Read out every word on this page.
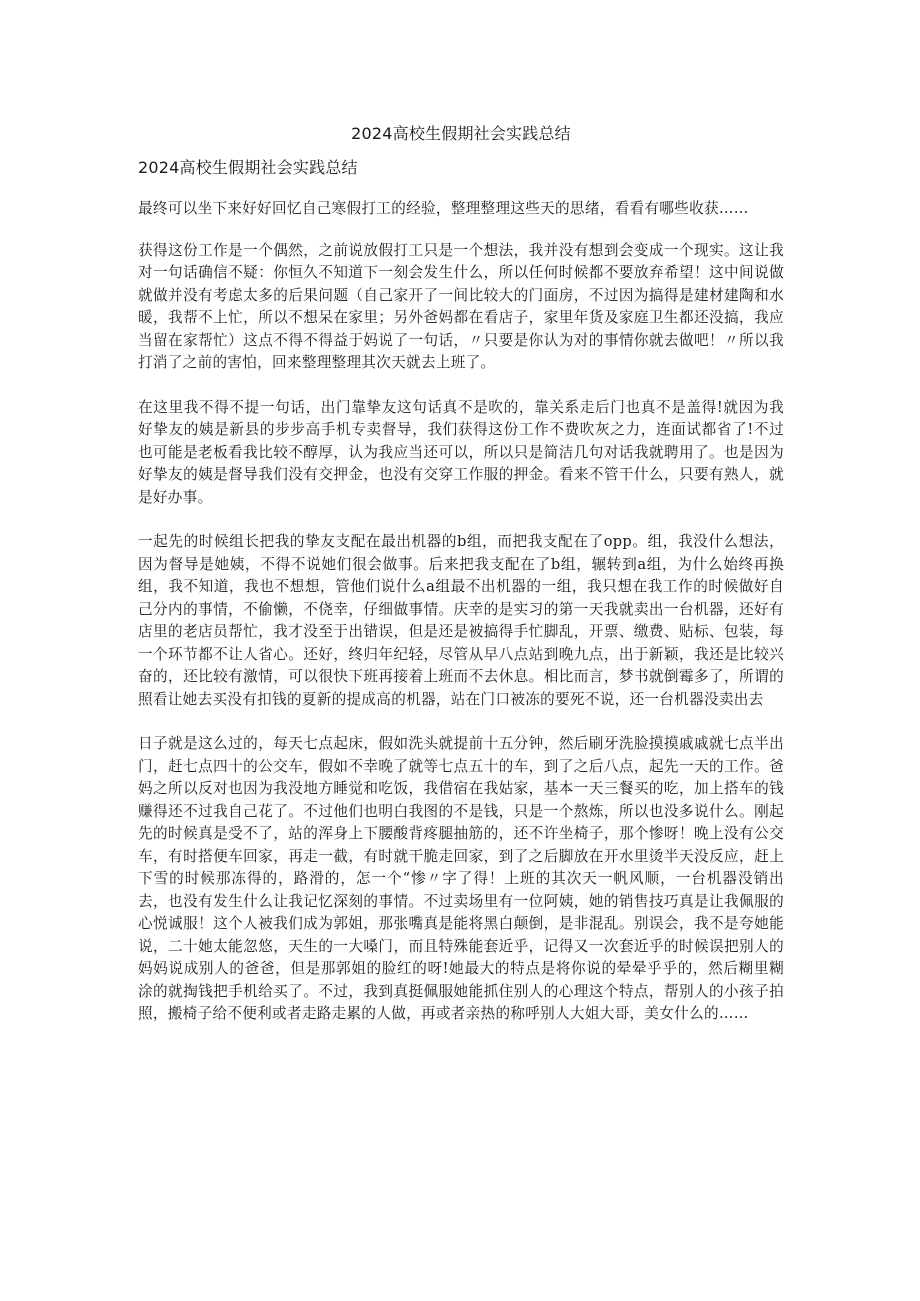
2024高校生假期社会实践总结
2024高校生假期社会实践总结

最终可以坐下来好好回忆自己寒假打工的经验，整理整理这些天的思绪，看看有哪些收获……

获得这份工作是一个偶然，之前说放假打工只是一个想法，我并没有想到会变成一个现实。这让我对一句话确信不疑：你恒久不知道下一刻会发生什么，所以任何时候都不要放弃希望！这中间说做就做并没有考虑太多的后果问题（自己家开了一间比较大的门面房，不过因为搞得是建材建陶和水暖，我帮不上忙，所以不想呆在家里；另外爸妈都在看店子，家里年货及家庭卫生都还没搞，我应当留在家帮忙）这点不得不得益于妈说了一句话，〃只要是你认为对的事情你就去做吧！〃所以我打消了之前的害怕，回来整理整理其次天就去上班了。

在这里我不得不提一句话，出门靠挚友这句话真不是吹的，靠关系走后门也真不是盖得!就因为我好挚友的姨是新县的步步高手机专卖督导，我们获得这份工作不费吹灰之力，连面试都省了!不过也可能是老板看我比较不醇厚，认为我应当还可以，所以只是简洁几句对话我就聘用了。也是因为好挚友的姨是督导我们没有交押金，也没有交穿工作服的押金。看来不管干什么，只要有熟人，就是好办事。

一起先的时候组长把我的挚友支配在最出机器的b组，而把我支配在了opp。组，我没什么想法，因为督导是她姨，不得不说她们很会做事。后来把我支配在了b组，辗转到a组，为什么始终再换组，我不知道，我也不想想，管他们说什么a组最不出机器的一组，我只想在我工作的时候做好自己分内的事情，不偷懒，不侥幸，仔细做事情。庆幸的是实习的第一天我就卖出一台机器，还好有店里的老店员帮忙，我才没至于出错误，但是还是被搞得手忙脚乱，开票、缴费、贴标、包装，每一个环节都不让人省心。还好，终归年纪轻，尽管从早八点站到晚九点，出于新颖，我还是比较兴奋的，还比较有激情，可以很快下班再接着上班而不去休息。相比而言，梦书就倒霉多了，所谓的照看让她去买没有扣钱的夏新的提成高的机器，站在门口被冻的要死不说，还一台机器没卖出去

日子就是这么过的，每天七点起床，假如洗头就提前十五分钟，然后刷牙洗脸摸摸戚戚就七点半出门，赶七点四十的公交车，假如不幸晚了就等七点五十的车，到了之后八点，起先一天的工作。爸妈之所以反对也因为我没地方睡觉和吃饭，我借宿在我姑家，基本一天三餐买的吃，加上搭车的钱赚得还不过我自己花了。不过他们也明白我图的不是钱，只是一个熬炼，所以也没多说什么。刚起先的时候真是受不了，站的浑身上下腰酸背疼腿抽筋的，还不许坐椅子，那个惨呀！晚上没有公交车，有时搭便车回家，再走一截，有时就干脆走回家，到了之后脚放在开水里烫半天没反应，赶上下雪的时候那冻得的，路滑的，怎一个“惨〃字了得！上班的其次天一帆风顺，一台机器没销出去，也没有发生什么让我记忆深刻的事情。不过卖场里有一位阿姨，她的销售技巧真是让我佩服的心悦诚服！这个人被我们成为郭姐，那张嘴真是能将黑白颠倒，是非混乱。别误会，我不是夸她能说，二十她太能忽悠，天生的一大嗓门，而且特殊能套近乎，记得又一次套近乎的时候误把别人的妈妈说成别人的爸爸，但是那郭姐的脸红的呀!她最大的特点是将你说的晕晕乎乎的，然后糊里糊涂的就掏钱把手机给买了。不过，我到真挺佩服她能抓住别人的心理这个特点，帮别人的小孩子拍照，搬椅子给不便利或者走路走累的人做，再或者亲热的称呼别人大姐大哥，美女什么的……
